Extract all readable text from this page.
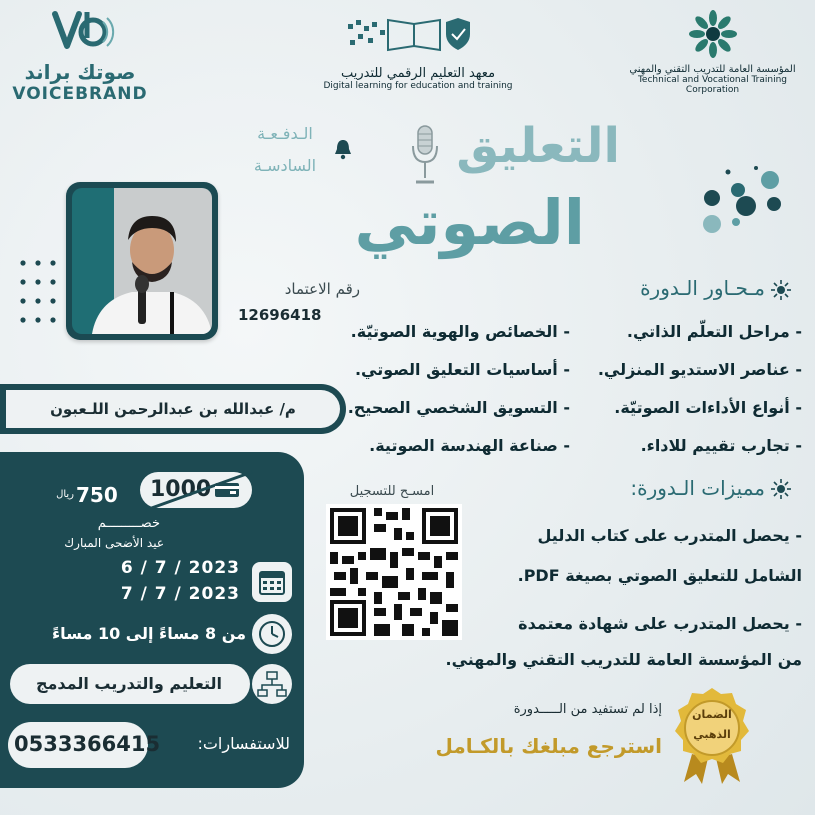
صوتك براند
VOICEBRAND
معهد التعليم الرقمي للتدريب
Digital learning for education and training
المؤسسة العامة للتدريب التقني والمهني
Technical and Vocational Training Corporation
الـدفـعـة
السادسـة	التعليق
الصوتي
رقم الاعتماد
12696418
م/ عبدالله بن عبدالرحمن اللـعبون
مـحـاور الـدورة
- مراحل التعلّم الذاتي.
- الخصائص والهوية الصوتيّة.
- عناصر الاستديو المنزلي.
- أساسيات التعليق الصوتي.
- أنواع الأداءات الصوتيّة.
- التسويق الشخصي الصحيح.
- تجارب تقييم للاداء.
- صناعة الهندسة الصوتية.
مميزات الـدورة:
- يحصل المتدرب على كتاب الدليل
الشامل للتعليق الصوتي بصيغة PDF.
- يحصل المتدرب على شهادة معتمدة
من المؤسسة العامة للتدريب التقني والمهني.
امسـح للتسجيل
1000
750
ريال
خصـــــــــم
عيد الأضحى المبارك
6 / 7 / 2023
7 / 7 / 2023
من 8 مساءً إلى 10 مساءً
التعليم والتدريب المدمج
للاستفسارات:
0533366415
إذا لم تستفيد من الـــــدورة
استرجع مبلغك بالكـامل
الضمان
الذهبي
